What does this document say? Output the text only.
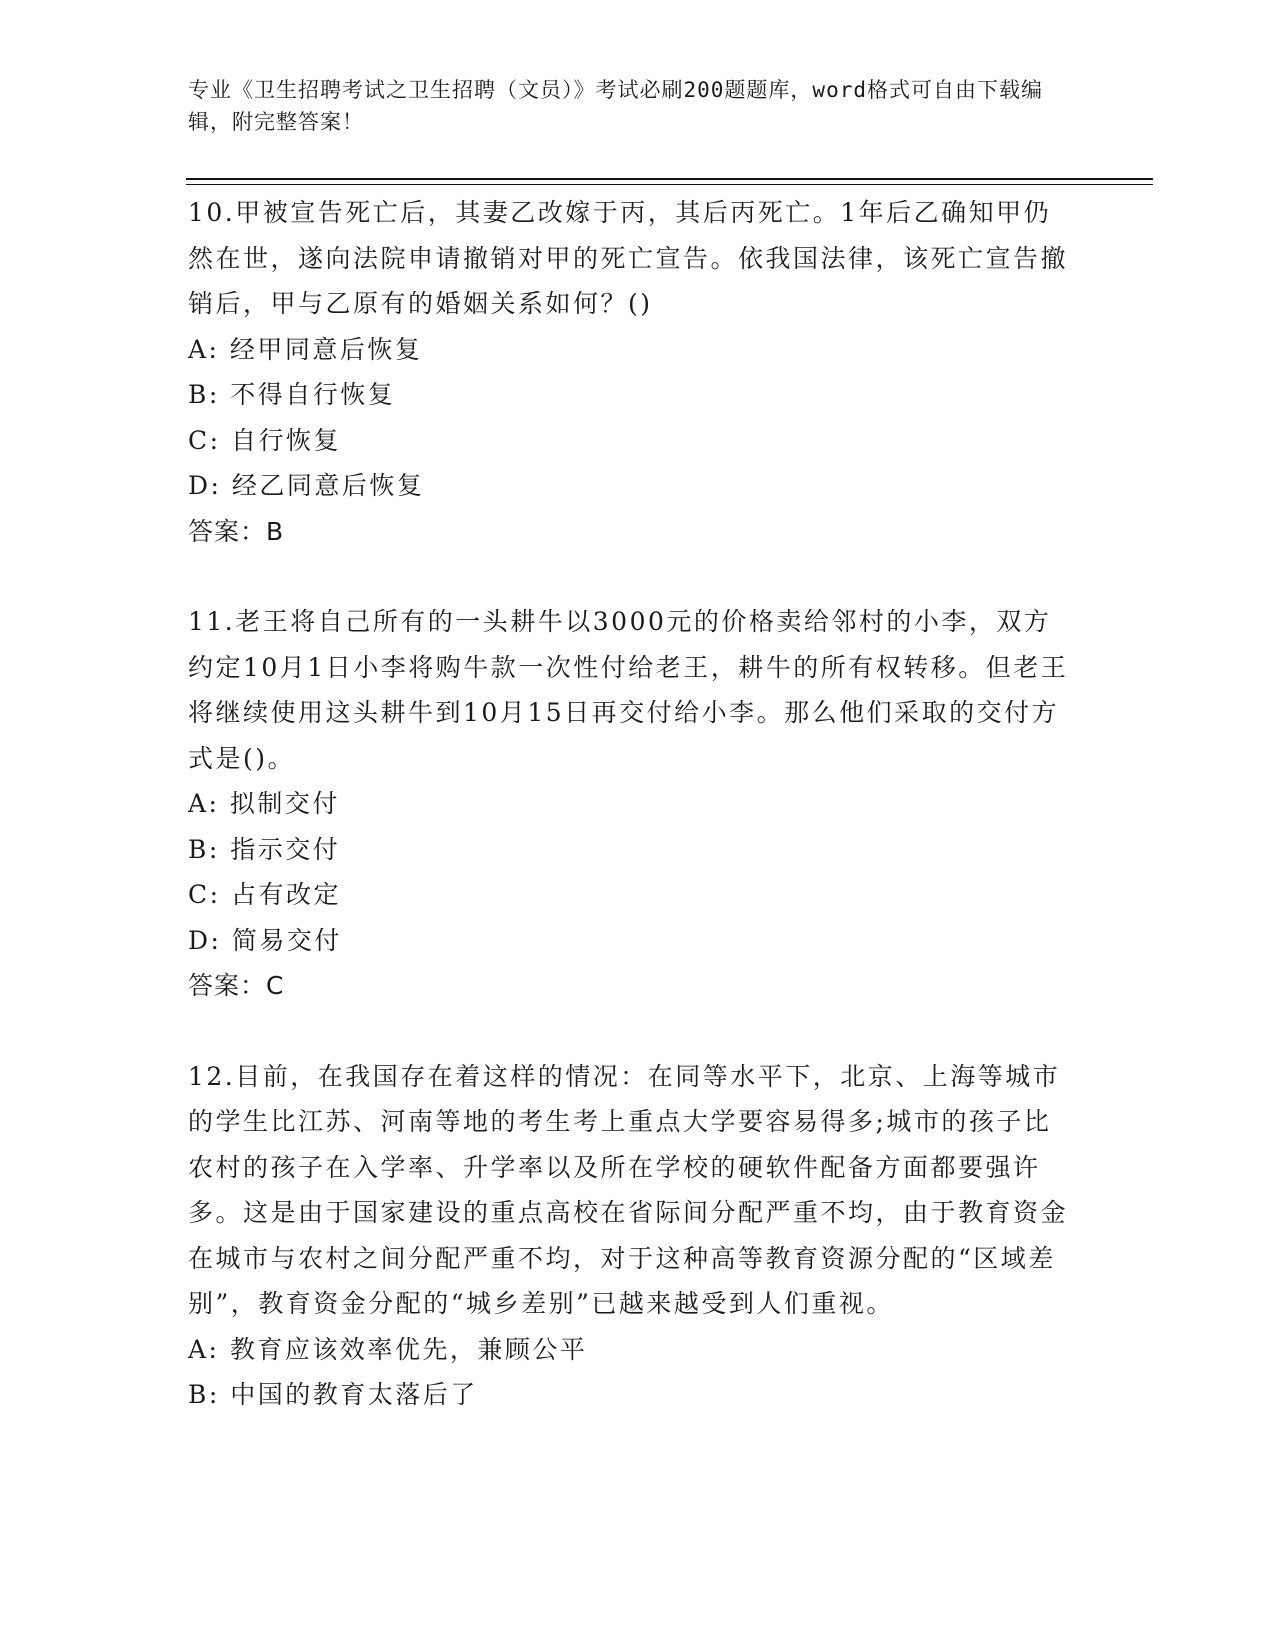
专业《卫生招聘考试之卫生招聘（文员）》考试必刷200题题库，word格式可自由下载编辑，附完整答案！

10.甲被宣告死亡后，其妻乙改嫁于丙，其后丙死亡。1年后乙确知甲仍然在世，遂向法院申请撤销对甲的死亡宣告。依我国法律，该死亡宣告撤销后，甲与乙原有的婚姻关系如何？()

A: 经甲同意后恢复

B: 不得自行恢复

C: 自行恢复

D: 经乙同意后恢复

答案：B

11.老王将自己所有的一头耕牛以3000元的价格卖给邻村的小李，双方约定10月1日小李将购牛款一次性付给老王，耕牛的所有权转移。但老王将继续使用这头耕牛到10月15日再交付给小李。那么他们采取的交付方式是()。

A: 拟制交付

B: 指示交付

C: 占有改定

D: 简易交付

答案：C

12.目前，在我国存在着这样的情况：在同等水平下，北京、上海等城市的学生比江苏、河南等地的考生考上重点大学要容易得多;城市的孩子比农村的孩子在入学率、升学率以及所在学校的硬软件配备方面都要强许多。这是由于国家建设的重点高校在省际间分配严重不均，由于教育资金在城市与农村之间分配严重不均，对于这种高等教育资源分配的“区域差别”，教育资金分配的“城乡差别”已越来越受到人们重视。

A: 教育应该效率优先，兼顾公平

B: 中国的教育太落后了
